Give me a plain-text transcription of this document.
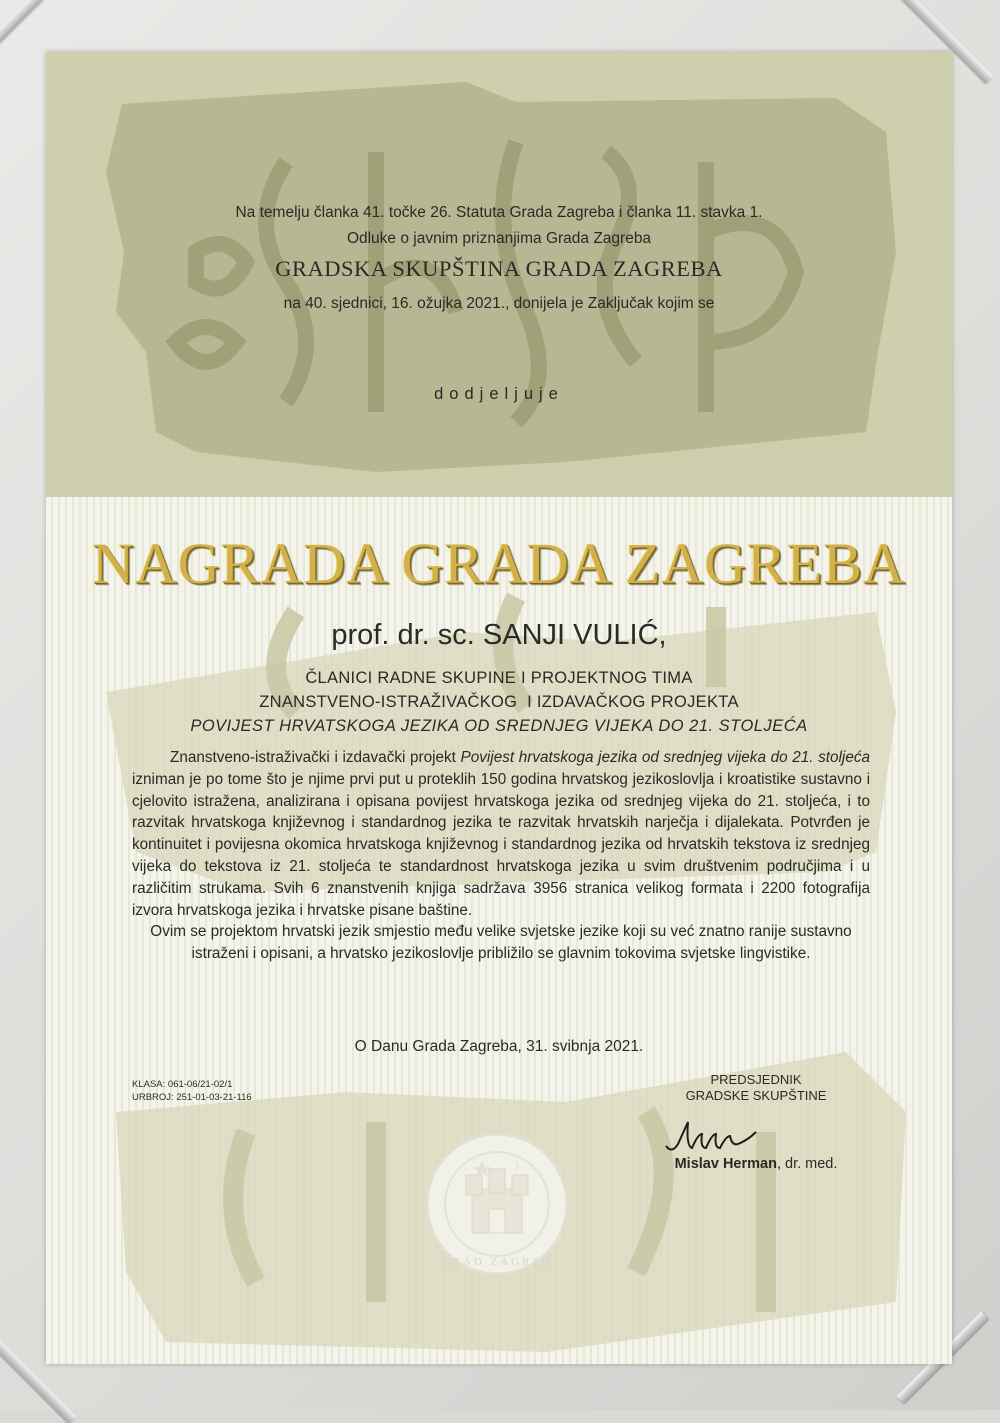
Na temelju članka 41. točke 26. Statuta Grada Zagreba i članka 11. stavka 1.
Odluke o javnim priznanjima Grada Zagreba
GRADSKA SKUPŠTINA GRADA ZAGREBA
na 40. sjednici, 16. ožujka 2021., donijela je Zaključak kojim se
dodjeljuje
NAGRADA GRADA ZAGREBA
prof. dr. sc. SANJI VULIĆ,
ČLANICI RADNE SKUPINE I PROJEKTNOG TIMA
ZNANSTVENO-ISTRAŽIVAČKOG  I IZDAVAČKOG PROJEKTA
POVIJEST HRVATSKOGA JEZIKA OD SREDNJEG VIJEKA DO 21. STOLJEĆA

Znanstveno-istraživački i izdavački projekt Povijest hrvatskoga jezika od srednjeg vijeka do 21. stoljeća izniman je po tome što je njime prvi put u proteklih 150 godina hrvatskog jezikoslovlja i kroatistike sustavno i cjelovito istražena, analizirana i opisana povijest hrvatskoga jezika od srednjeg vijeka do 21. stoljeća, i to razvitak hrvatskoga književnog i standardnog jezika te razvitak hrvatskih narječja i dijalekata. Potvrđen je kontinuitet i povijesna okomica hrvatskoga književnog i standardnog jezika od hrvatskih tekstova iz srednjeg vijeka do tekstova iz 21. stoljeća te standardnost hrvatskoga jezika u svim društvenim područjima i u različitim strukama. Svih 6 znanstvenih knjiga sadržava 3956 stranica velikog formata i 2200 fotografija izvora hrvatskoga jezika i hrvatske pisane baštine.

Ovim se projektom hrvatski jezik smjestio među velike svjetske jezike koji su već znatno ranije sustavno istraženi i opisani, a hrvatsko jezikoslovlje približilo se glavnim tokovima svjetske lingvistike.

O Danu Grada Zagreba, 31. svibnja 2021.
KLASA: 061-06/21-02/1
URBROJ: 251-01-03-21-116
PREDSJEDNIK
GRADSKE SKUPŠTINE
Mislav Herman, dr. med.
GRAD ZAGREB
